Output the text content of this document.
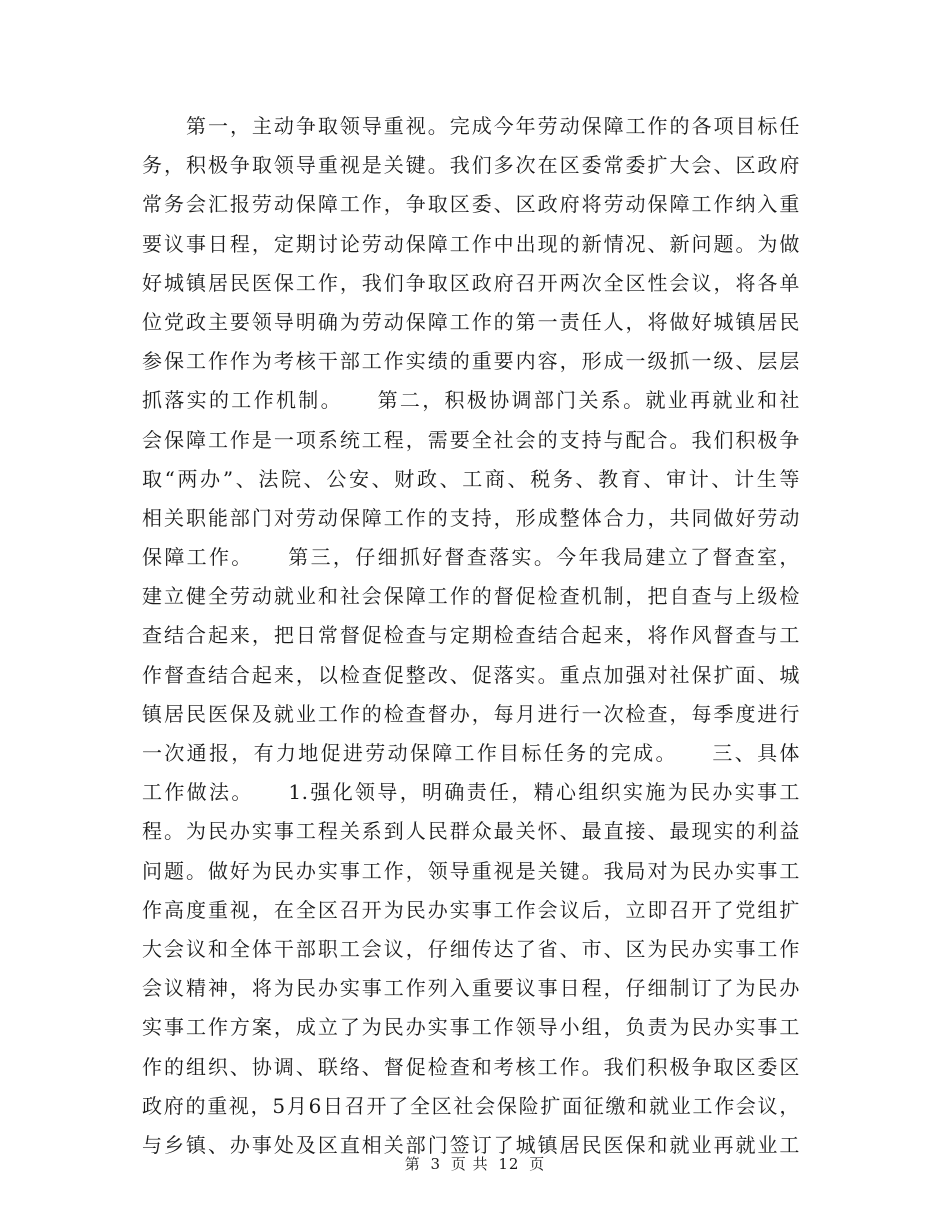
第一，主动争取领导重视。完成今年劳动保障工作的各项目标任
务，积极争取领导重视是关键。我们多次在区委常委扩大会、区政府
常务会汇报劳动保障工作，争取区委、区政府将劳动保障工作纳入重
要议事日程，定期讨论劳动保障工作中出现的新情况、新问题。为做
好城镇居民医保工作，我们争取区政府召开两次全区性会议，将各单
位党政主要领导明确为劳动保障工作的第一责任人，将做好城镇居民
参保工作作为考核干部工作实绩的重要内容，形成一级抓一级、层层
抓落实的工作机制。　　第二，积极协调部门关系。就业再就业和社
会保障工作是一项系统工程，需要全社会的支持与配合。我们积极争
取“两办”、法院、公安、财政、工商、税务、教育、审计、计生等
相关职能部门对劳动保障工作的支持，形成整体合力，共同做好劳动
保障工作。　　第三，仔细抓好督查落实。今年我局建立了督查室，
建立健全劳动就业和社会保障工作的督促检查机制，把自查与上级检
查结合起来，把日常督促检查与定期检查结合起来，将作风督查与工
作督查结合起来，以检查促整改、促落实。重点加强对社保扩面、城
镇居民医保及就业工作的检查督办，每月进行一次检查，每季度进行
一次通报，有力地促进劳动保障工作目标任务的完成。　　三、具体
工作做法。　　1.强化领导，明确责任，精心组织实施为民办实事工
程。为民办实事工程关系到人民群众最关怀、最直接、最现实的利益
问题。做好为民办实事工作，领导重视是关键。我局对为民办实事工
作高度重视，在全区召开为民办实事工作会议后，立即召开了党组扩
大会议和全体干部职工会议，仔细传达了省、市、区为民办实事工作
会议精神，将为民办实事工作列入重要议事日程，仔细制订了为民办
实事工作方案，成立了为民办实事工作领导小组，负责为民办实事工
作的组织、协调、联络、督促检查和考核工作。我们积极争取区委区
政府的重视，5月6日召开了全区社会保险扩面征缴和就业工作会议，
与乡镇、办事处及区直相关部门签订了城镇居民医保和就业再就业工
第 3 页 共 12 页
